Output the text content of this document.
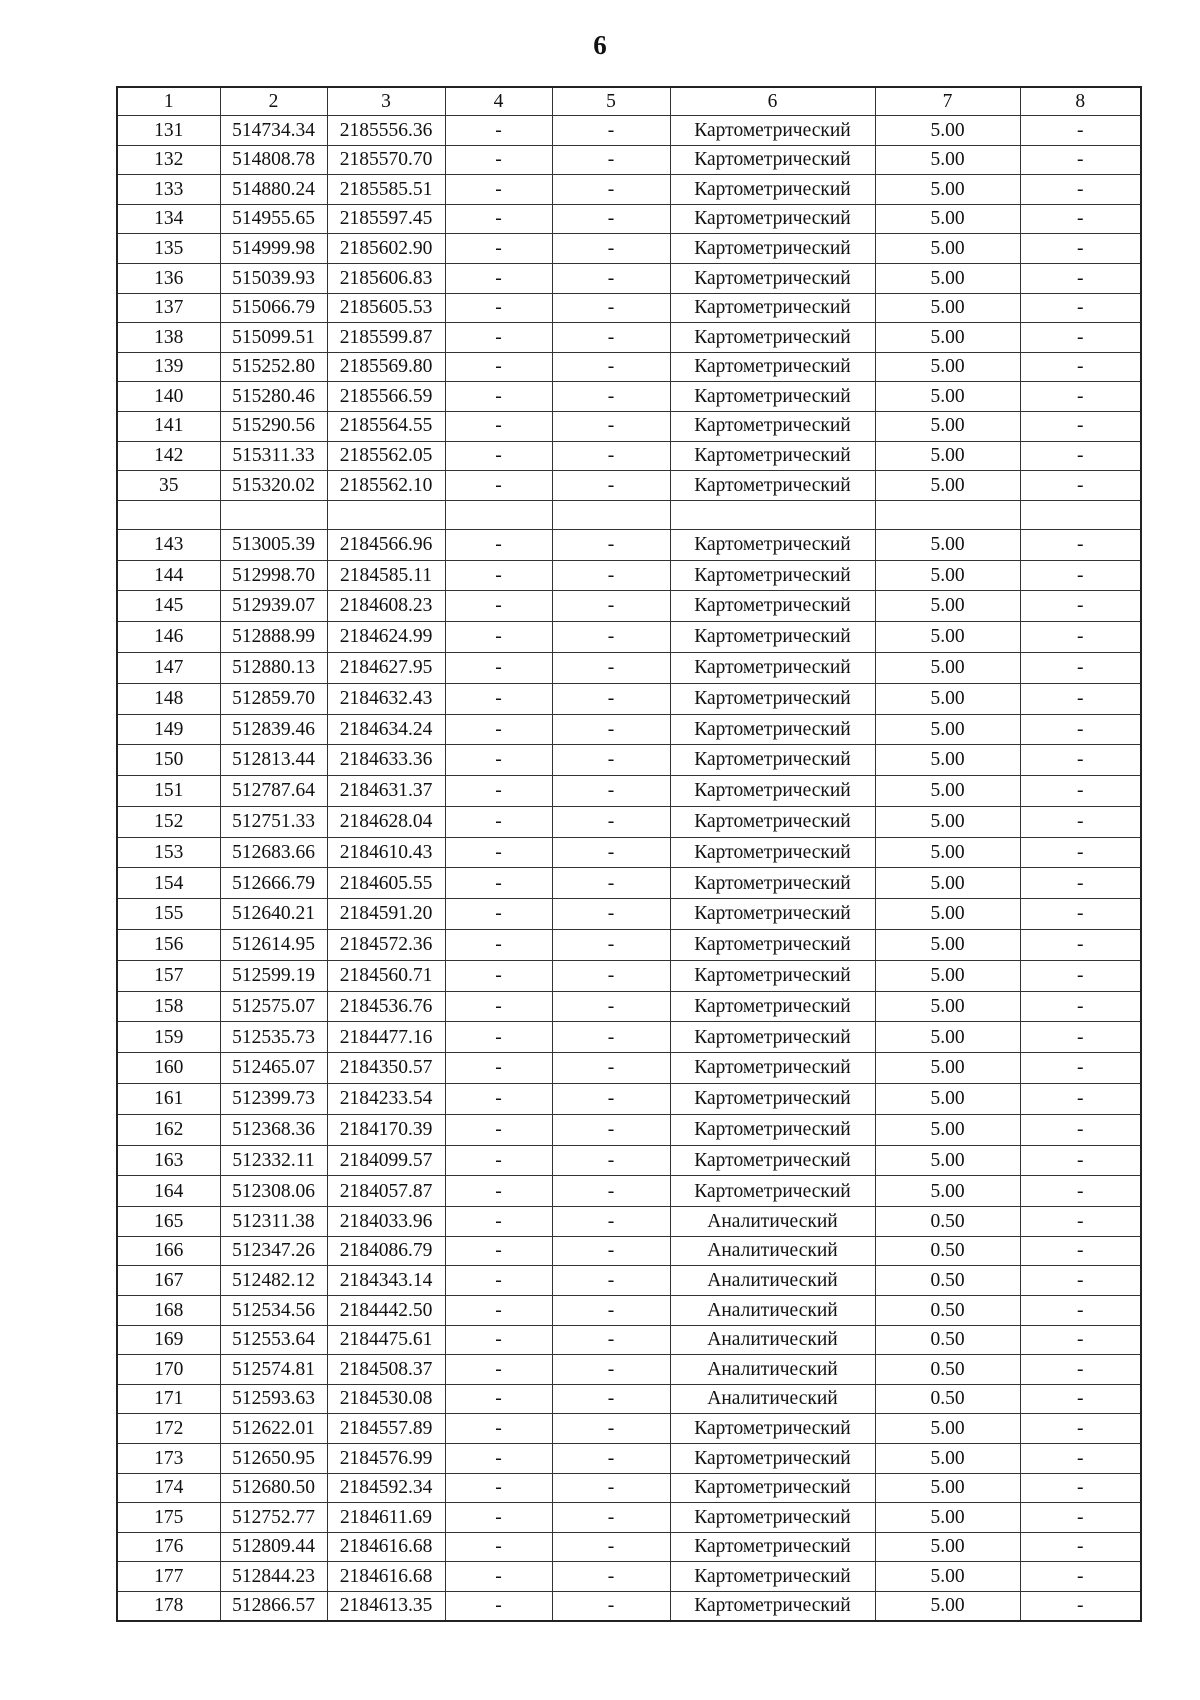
6
1	2	3	4	5	6	7	8
131	514734.34	2185556.36	-	-	Картометрический	5.00	-
132	514808.78	2185570.70	-	-	Картометрический	5.00	-
133	514880.24	2185585.51	-	-	Картометрический	5.00	-
134	514955.65	2185597.45	-	-	Картометрический	5.00	-
135	514999.98	2185602.90	-	-	Картометрический	5.00	-
136	515039.93	2185606.83	-	-	Картометрический	5.00	-
137	515066.79	2185605.53	-	-	Картометрический	5.00	-
138	515099.51	2185599.87	-	-	Картометрический	5.00	-
139	515252.80	2185569.80	-	-	Картометрический	5.00	-
140	515280.46	2185566.59	-	-	Картометрический	5.00	-
141	515290.56	2185564.55	-	-	Картометрический	5.00	-
142	515311.33	2185562.05	-	-	Картометрический	5.00	-
35	515320.02	2185562.10	-	-	Картометрический	5.00	-

143	513005.39	2184566.96	-	-	Картометрический	5.00	-
144	512998.70	2184585.11	-	-	Картометрический	5.00	-
145	512939.07	2184608.23	-	-	Картометрический	5.00	-
146	512888.99	2184624.99	-	-	Картометрический	5.00	-
147	512880.13	2184627.95	-	-	Картометрический	5.00	-
148	512859.70	2184632.43	-	-	Картометрический	5.00	-
149	512839.46	2184634.24	-	-	Картометрический	5.00	-
150	512813.44	2184633.36	-	-	Картометрический	5.00	-
151	512787.64	2184631.37	-	-	Картометрический	5.00	-
152	512751.33	2184628.04	-	-	Картометрический	5.00	-
153	512683.66	2184610.43	-	-	Картометрический	5.00	-
154	512666.79	2184605.55	-	-	Картометрический	5.00	-
155	512640.21	2184591.20	-	-	Картометрический	5.00	-
156	512614.95	2184572.36	-	-	Картометрический	5.00	-
157	512599.19	2184560.71	-	-	Картометрический	5.00	-
158	512575.07	2184536.76	-	-	Картометрический	5.00	-
159	512535.73	2184477.16	-	-	Картометрический	5.00	-
160	512465.07	2184350.57	-	-	Картометрический	5.00	-
161	512399.73	2184233.54	-	-	Картометрический	5.00	-
162	512368.36	2184170.39	-	-	Картометрический	5.00	-
163	512332.11	2184099.57	-	-	Картометрический	5.00	-
164	512308.06	2184057.87	-	-	Картометрический	5.00	-
165	512311.38	2184033.96	-	-	Аналитический	0.50	-
166	512347.26	2184086.79	-	-	Аналитический	0.50	-
167	512482.12	2184343.14	-	-	Аналитический	0.50	-
168	512534.56	2184442.50	-	-	Аналитический	0.50	-
169	512553.64	2184475.61	-	-	Аналитический	0.50	-
170	512574.81	2184508.37	-	-	Аналитический	0.50	-
171	512593.63	2184530.08	-	-	Аналитический	0.50	-
172	512622.01	2184557.89	-	-	Картометрический	5.00	-
173	512650.95	2184576.99	-	-	Картометрический	5.00	-
174	512680.50	2184592.34	-	-	Картометрический	5.00	-
175	512752.77	2184611.69	-	-	Картометрический	5.00	-
176	512809.44	2184616.68	-	-	Картометрический	5.00	-
177	512844.23	2184616.68	-	-	Картометрический	5.00	-
178	512866.57	2184613.35	-	-	Картометрический	5.00	-
